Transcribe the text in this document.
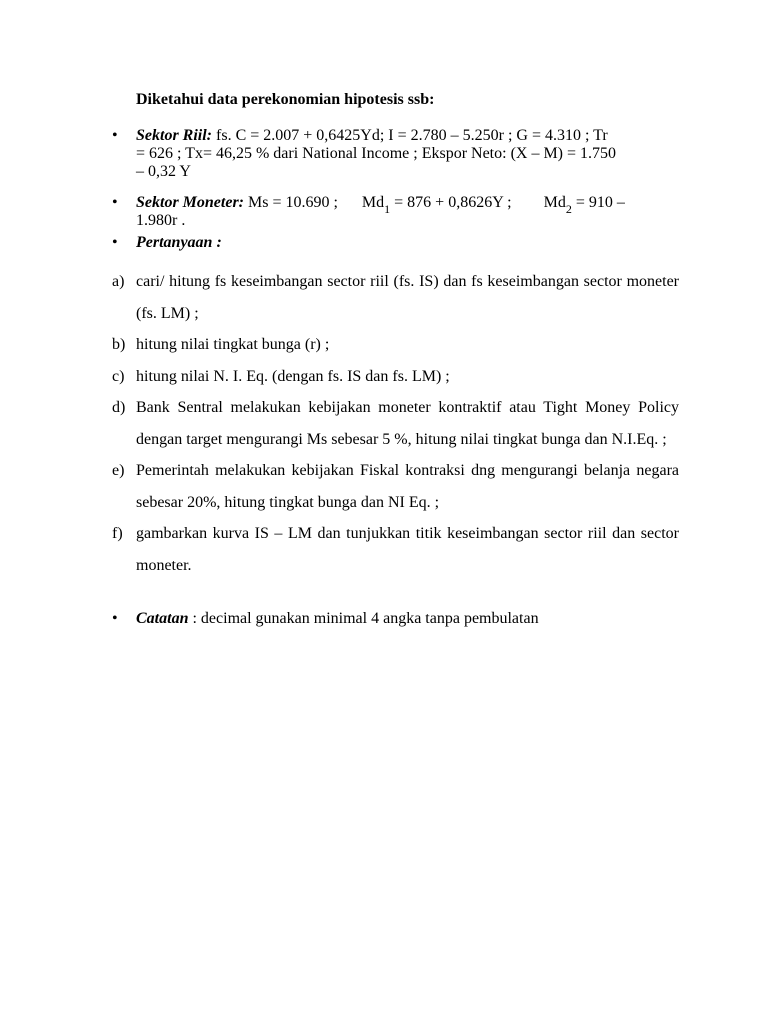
Diketahui data perekonomian hipotesis ssb:
• Sektor Riil: fs. C = 2.007 + 0,6425Yd; I = 2.780 – 5.250r ; G = 4.310 ; Tr
= 626 ; Tx= 46,25 % dari National Income ; Ekspor Neto: (X – M) = 1.750
– 0,32 Y
• Sektor Moneter: Ms = 10.690 ; $Md_1 = 876 + 0,8626Y$ ; $Md_2 = 910$ –
1.980r .
• Pertanyaan :
a) cari/ hitung fs keseimbangan sector riil (fs. IS) dan fs keseimbangan sector moneter (fs. LM) ;
b) hitung nilai tingkat bunga (r) ;
c) hitung nilai N. I. Eq. (dengan fs. IS dan fs. LM) ;
d) Bank Sentral melakukan kebijakan moneter kontraktif atau Tight Money Policy dengan target mengurangi Ms sebesar 5 %, hitung nilai tingkat bunga dan N.I.Eq. ;
e) Pemerintah melakukan kebijakan Fiskal kontraksi dng mengurangi belanja negara sebesar 20%, hitung tingkat bunga dan NI Eq. ;
f) gambarkan kurva IS – LM dan tunjukkan titik keseimbangan sector riil dan sector moneter.
• Catatan : decimal gunakan minimal 4 angka tanpa pembulatan
